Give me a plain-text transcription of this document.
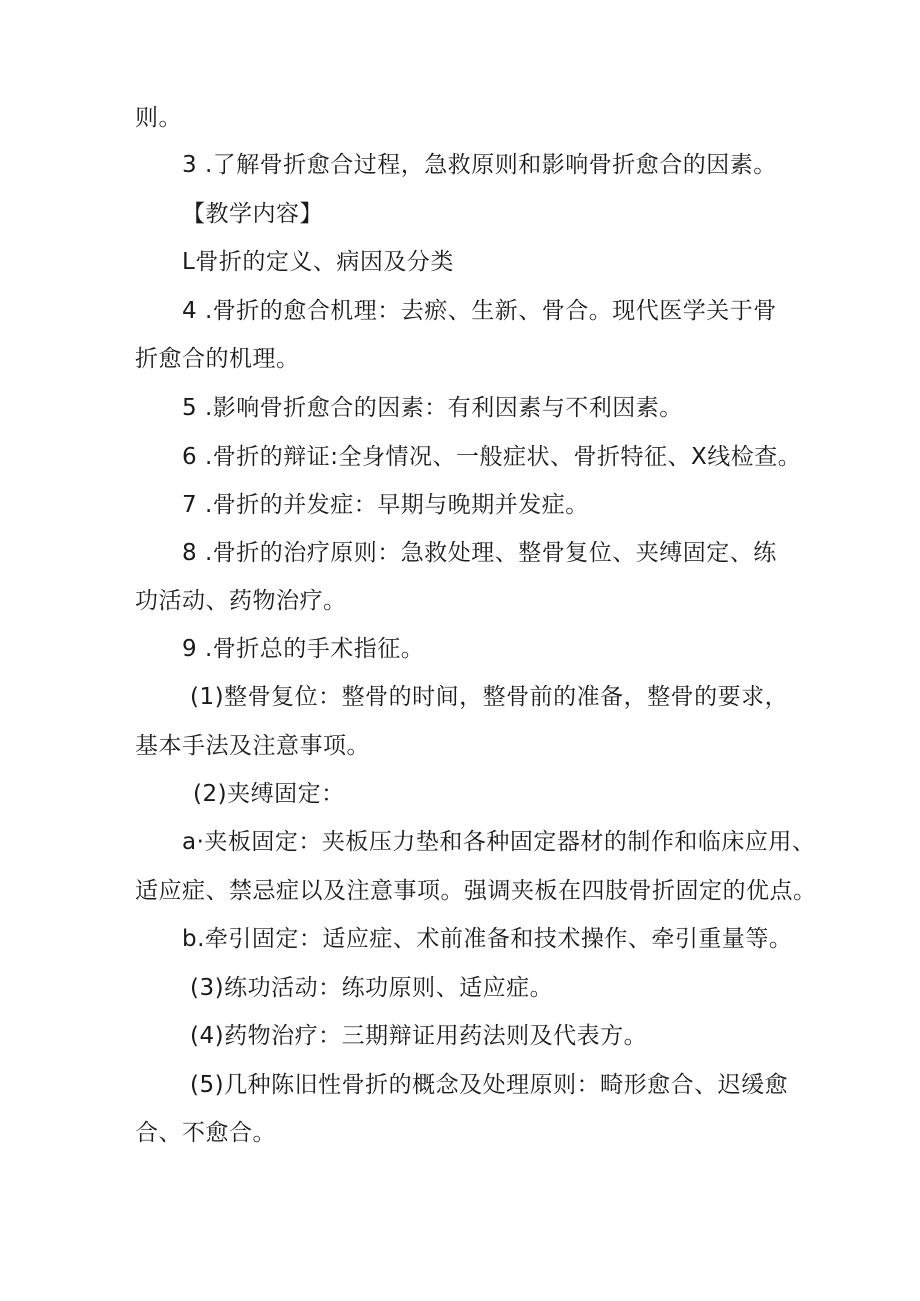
则。
3 .了解骨折愈合过程，急救原则和影响骨折愈合的因素。
【教学内容】
L骨折的定义、病因及分类
4 .骨折的愈合机理：去瘀、生新、骨合。现代医学关于骨
折愈合的机理。
5 .影响骨折愈合的因素：有利因素与不利因素。
6 .骨折的辩证:全身情况、一般症状、骨折特征、X线检查。
7 .骨折的并发症：早期与晚期并发症。
8 .骨折的治疗原则：急救处理、整骨复位、夹缚固定、练
功活动、药物治疗。
9 .骨折总的手术指征。
(1)整骨复位：整骨的时间，整骨前的准备，整骨的要求，
基本手法及注意事项。
(2)夹缚固定：
a·夹板固定：夹板压力垫和各种固定器材的制作和临床应用、
适应症、禁忌症以及注意事项。强调夹板在四肢骨折固定的优点。
b.牵引固定：适应症、术前准备和技术操作、牵引重量等。
(3)练功活动：练功原则、适应症。
(4)药物治疗：三期辩证用药法则及代表方。
(5)几种陈旧性骨折的概念及处理原则：畸形愈合、迟缓愈
合、不愈合。
